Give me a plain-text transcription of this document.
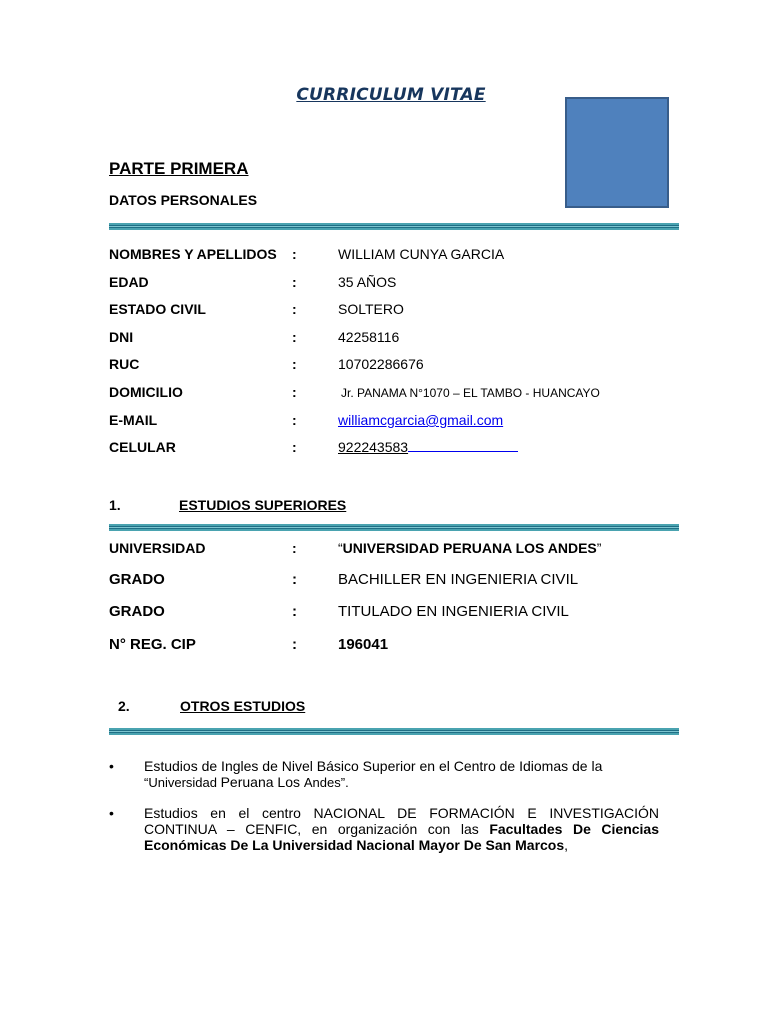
CURRICULUM VITAE
PARTE PRIMERA
DATOS PERSONALES
NOMBRES Y APELLIDOS :	WILLIAM CUNYA GARCIA
EDAD	:	35 AÑOS
ESTADO CIVIL	:	SOLTERO
DNI	:	42258116
RUC	:	10702286676
DOMICILIO	:	Jr. PANAMA N°1070 – EL TAMBO - HUANCAYO
E-MAIL	:	williamcgarcia@gmail.com
CELULAR	:	922243583
1.	ESTUDIOS SUPERIORES
UNIVERSIDAD	:	“UNIVERSIDAD PERUANA LOS ANDES”
GRADO	:	BACHILLER EN INGENIERIA CIVIL
GRADO	:	TITULADO EN INGENIERIA CIVIL
N° REG. CIP	:	196041
2.	OTROS ESTUDIOS
• Estudios de Ingles de Nivel Básico Superior en el Centro de Idiomas de la
“Universidad Peruana Los Andes”.
• Estudios en el centro NACIONAL DE FORMACIÓN E INVESTIGACIÓN CONTINUA – CENFIC, en organización con las Facultades De Ciencias Económicas De La Universidad Nacional Mayor De San Marcos,
